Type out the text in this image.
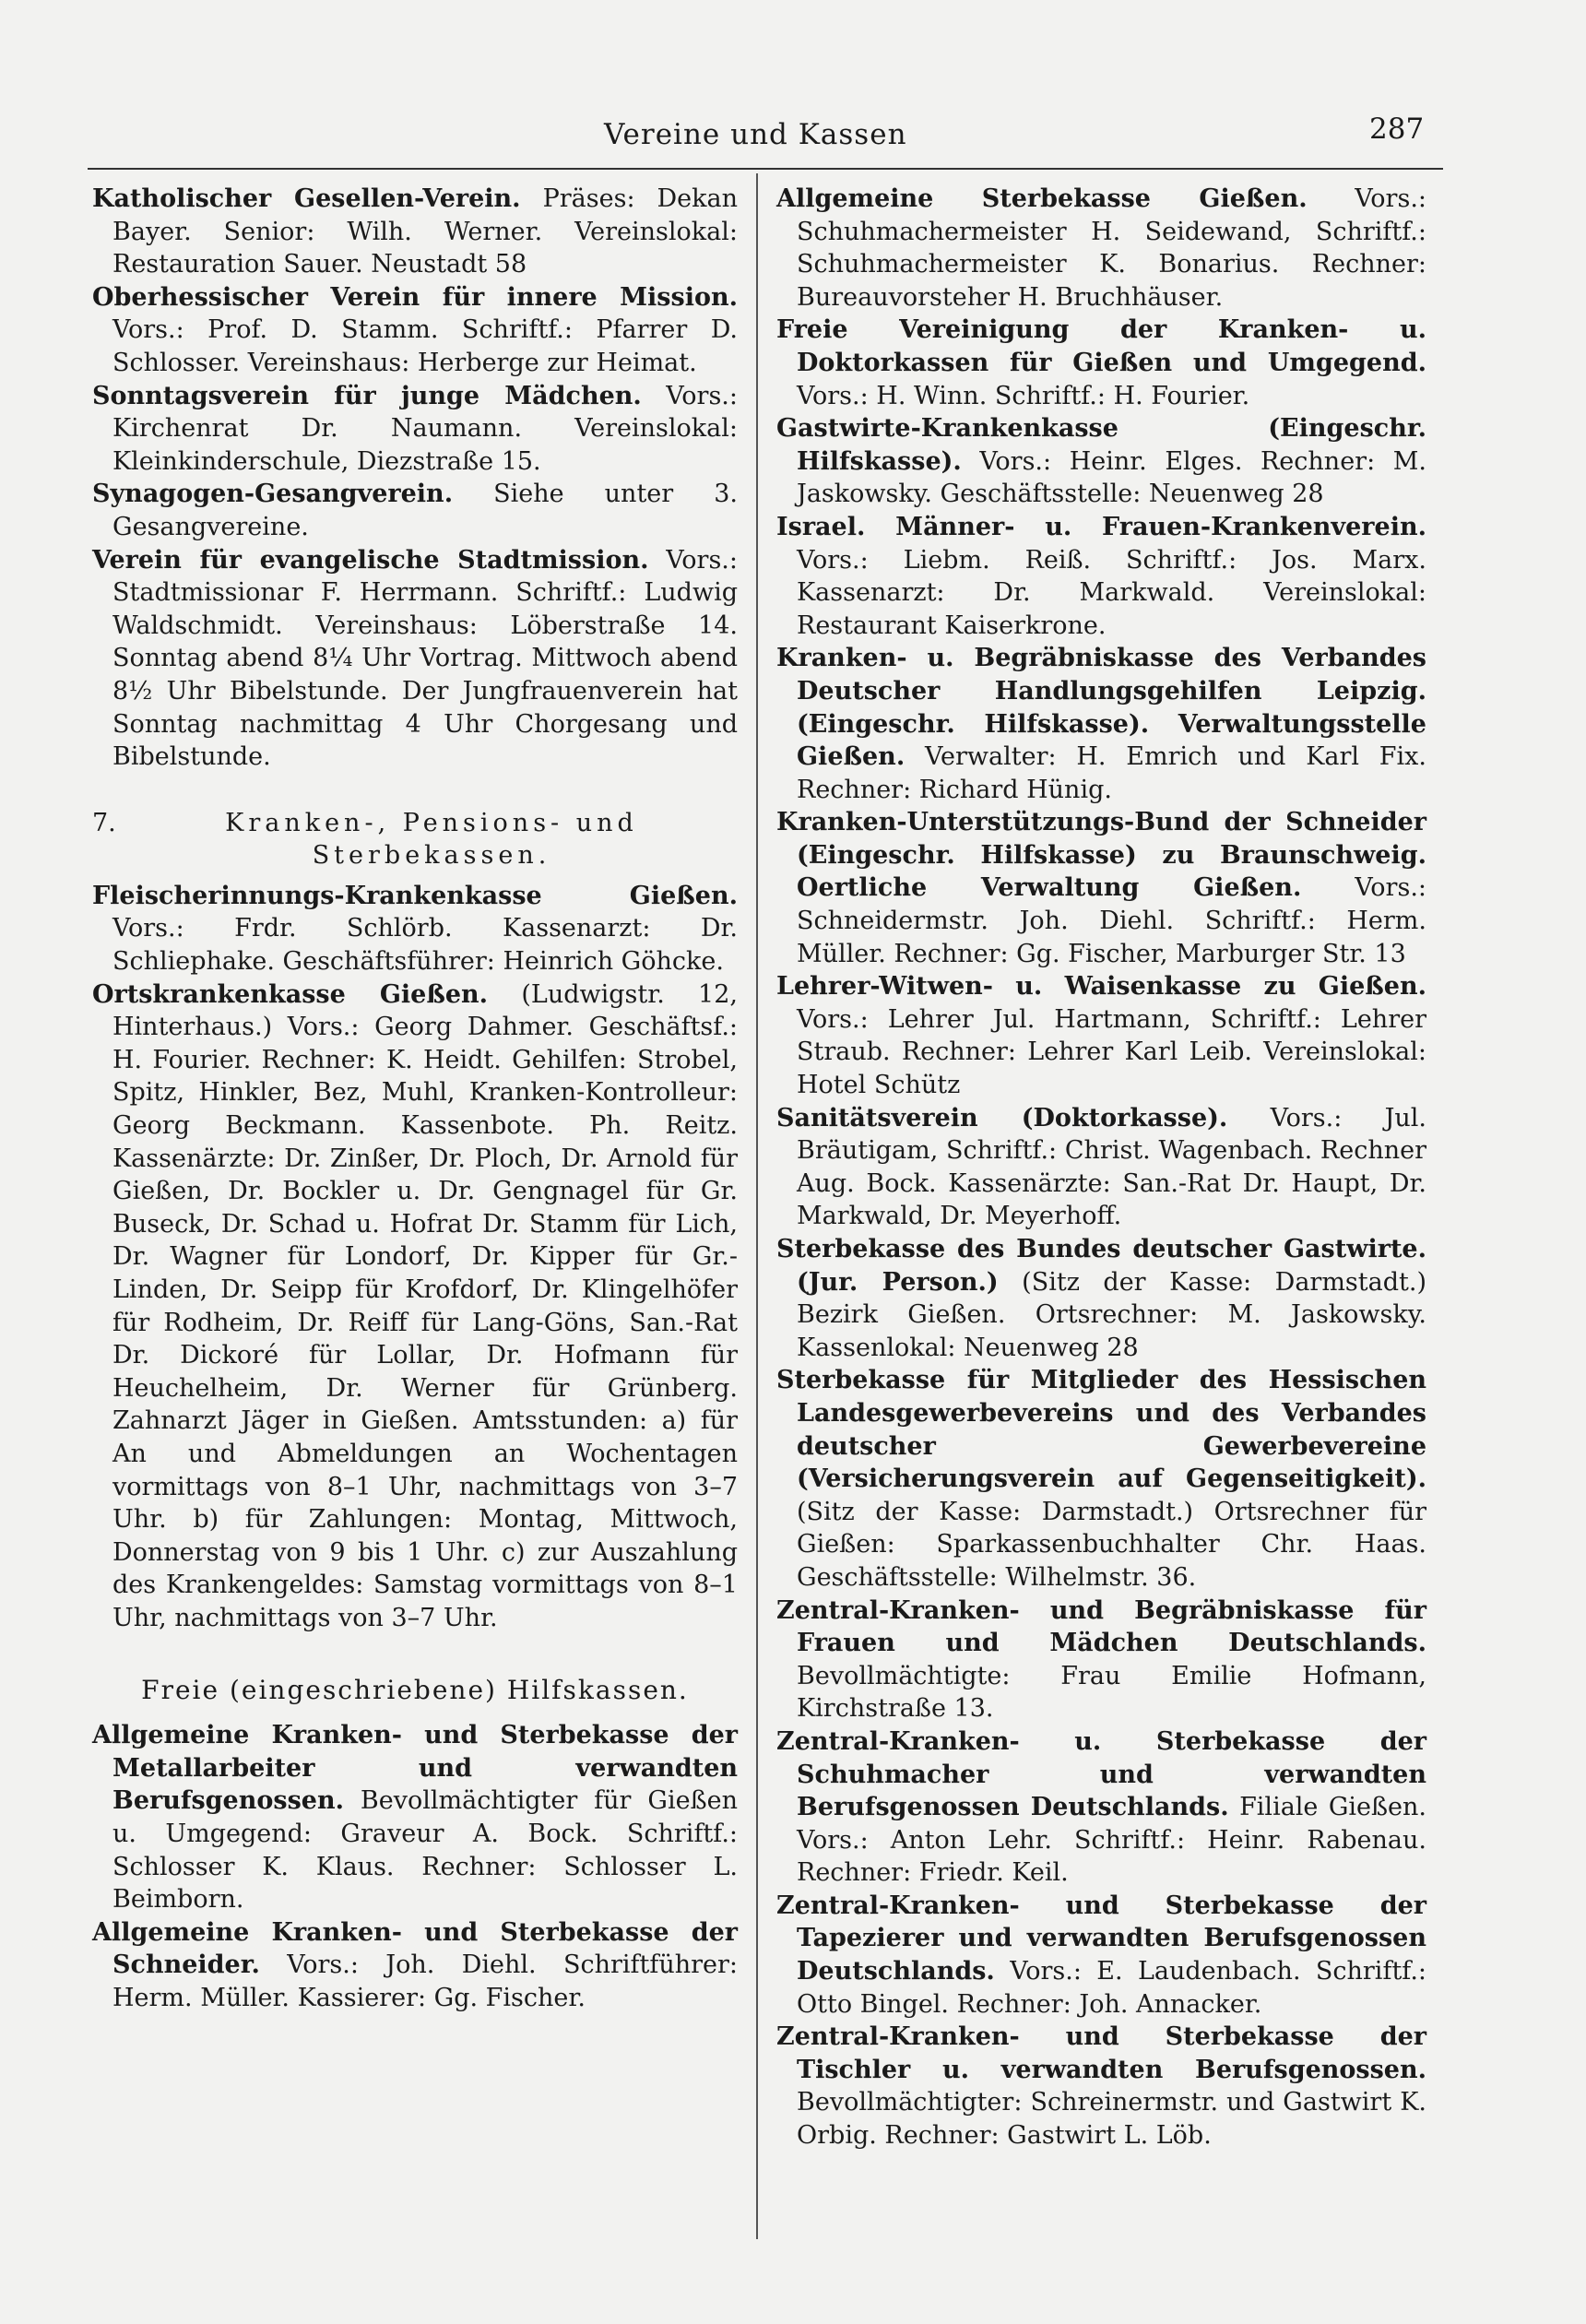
Vereine und Kassen	287

Katholischer Gesellen-Verein. Präses: Dekan Bayer. Senior: Wilh. Werner. Vereinslokal: Restauration Sauer. Neustadt 58

Oberhessischer Verein für innere Mission. Vors.: Prof. D. Stamm. Schriftf.: Pfarrer D. Schlosser. Vereinshaus: Herberge zur Heimat.

Sonntagsverein für junge Mädchen. Vors.: Kirchenrat Dr. Naumann. Vereinslokal: Kleinkinderschule, Diezstraße 15.

Synagogen-Gesangverein. Siehe unter 3. Gesangvereine.

Verein für evangelische Stadtmission. Vors.: Stadtmissionar F. Herrmann. Schriftf.: Ludwig Waldschmidt. Vereinshaus: Löberstraße 14. Sonntag abend 8¼ Uhr Vortrag. Mittwoch abend 8½ Uhr Bibelstunde. Der Jungfrauenverein hat Sonntag nachmittag 4 Uhr Chorgesang und Bibelstunde.

7.	Kranken-, Pensions- und Sterbekassen.

Fleischerinnungs-Krankenkasse Gießen. Vors.: Frdr. Schlörb. Kassenarzt: Dr. Schliephake. Geschäftsführer: Heinrich Göhcke.

Ortskrankenkasse Gießen. (Ludwigstr. 12, Hinterhaus.) Vors.: Georg Dahmer. Geschäftsf.: H. Fourier. Rechner: K. Heidt. Gehilfen: Strobel, Spitz, Hinkler, Bez, Muhl, Kranken-Kontrolleur: Georg Beckmann. Kassenbote. Ph. Reitz. Kassenärzte: Dr. Zinßer, Dr. Ploch, Dr. Arnold für Gießen, Dr. Bockler u. Dr. Gengnagel für Gr. Buseck, Dr. Schad u. Hofrat Dr. Stamm für Lich, Dr. Wagner für Londorf, Dr. Kipper für Gr.-Linden, Dr. Seipp für Krofdorf, Dr. Klingelhöfer für Rodheim, Dr. Reiff für Lang-Göns, San.-Rat Dr. Dickoré für Lollar, Dr. Hofmann für Heuchelheim, Dr. Werner für Grünberg. Zahnarzt Jäger in Gießen. Amtsstunden: a) für An und Abmeldungen an Wochentagen vormittags von 8–1 Uhr, nachmittags von 3–7 Uhr. b) für Zahlungen: Montag, Mittwoch, Donnerstag von 9 bis 1 Uhr. c) zur Auszahlung des Krankengeldes: Samstag vormittags von 8–1 Uhr, nachmittags von 3–7 Uhr.

Freie (eingeschriebene) Hilfskassen.

Allgemeine Kranken- und Sterbekasse der Metallarbeiter und verwandten Berufsgenossen. Bevollmächtigter für Gießen u. Umgegend: Graveur A. Bock. Schriftf.: Schlosser K. Klaus. Rechner: Schlosser L. Beimborn.

Allgemeine Kranken- und Sterbekasse der Schneider. Vors.: Joh. Diehl. Schriftführer: Herm. Müller. Kassierer: Gg. Fischer.

Allgemeine Sterbekasse Gießen. Vors.: Schuhmachermeister H. Seidewand, Schriftf.: Schuhmachermeister K. Bonarius. Rechner: Bureauvorsteher H. Bruchhäuser.

Freie Vereinigung der Kranken- u. Doktorkassen für Gießen und Umgegend. Vors.: H. Winn. Schriftf.: H. Fourier.

Gastwirte-Krankenkasse (Eingeschr. Hilfskasse). Vors.: Heinr. Elges. Rechner: M. Jaskowsky. Geschäftsstelle: Neuenweg 28

Israel. Männer- u. Frauen-Krankenverein. Vors.: Liebm. Reiß. Schriftf.: Jos. Marx. Kassenarzt: Dr. Markwald. Vereinslokal: Restaurant Kaiserkrone.

Kranken- u. Begräbniskasse des Verbandes Deutscher Handlungsgehilfen Leipzig. (Eingeschr. Hilfskasse). Verwaltungsstelle Gießen. Verwalter: H. Emrich und Karl Fix. Rechner: Richard Hünig.

Kranken-Unterstützungs-Bund der Schneider (Eingeschr. Hilfskasse) zu Braunschweig. Oertliche Verwaltung Gießen. Vors.: Schneidermstr. Joh. Diehl. Schriftf.: Herm. Müller. Rechner: Gg. Fischer, Marburger Str. 13

Lehrer-Witwen- u. Waisenkasse zu Gießen. Vors.: Lehrer Jul. Hartmann, Schriftf.: Lehrer Straub. Rechner: Lehrer Karl Leib. Vereinslokal: Hotel Schütz

Sanitätsverein (Doktorkasse). Vors.: Jul. Bräutigam, Schriftf.: Christ. Wagenbach. Rechner Aug. Bock. Kassenärzte: San.-Rat Dr. Haupt, Dr. Markwald, Dr. Meyerhoff.

Sterbekasse des Bundes deutscher Gastwirte. (Jur. Person.) (Sitz der Kasse: Darmstadt.) Bezirk Gießen. Ortsrechner: M. Jaskowsky. Kassenlokal: Neuenweg 28

Sterbekasse für Mitglieder des Hessischen Landesgewerbevereins und des Verbandes deutscher Gewerbevereine (Versicherungsverein auf Gegenseitigkeit). (Sitz der Kasse: Darmstadt.) Ortsrechner für Gießen: Sparkassenbuchhalter Chr. Haas. Geschäftsstelle: Wilhelmstr. 36.

Zentral-Kranken- und Begräbniskasse für Frauen und Mädchen Deutschlands. Bevollmächtigte: Frau Emilie Hofmann, Kirchstraße 13.

Zentral-Kranken- u. Sterbekasse der Schuhmacher und verwandten Berufsgenossen Deutschlands. Filiale Gießen. Vors.: Anton Lehr. Schriftf.: Heinr. Rabenau. Rechner: Friedr. Keil.

Zentral-Kranken- und Sterbekasse der Tapezierer und verwandten Berufsgenossen Deutschlands. Vors.: E. Laudenbach. Schriftf.: Otto Bingel. Rechner: Joh. Annacker.

Zentral-Kranken- und Sterbekasse der Tischler u. verwandten Berufsgenossen. Bevollmächtigter: Schreinermstr. und Gastwirt K. Orbig. Rechner: Gastwirt L. Löb.
